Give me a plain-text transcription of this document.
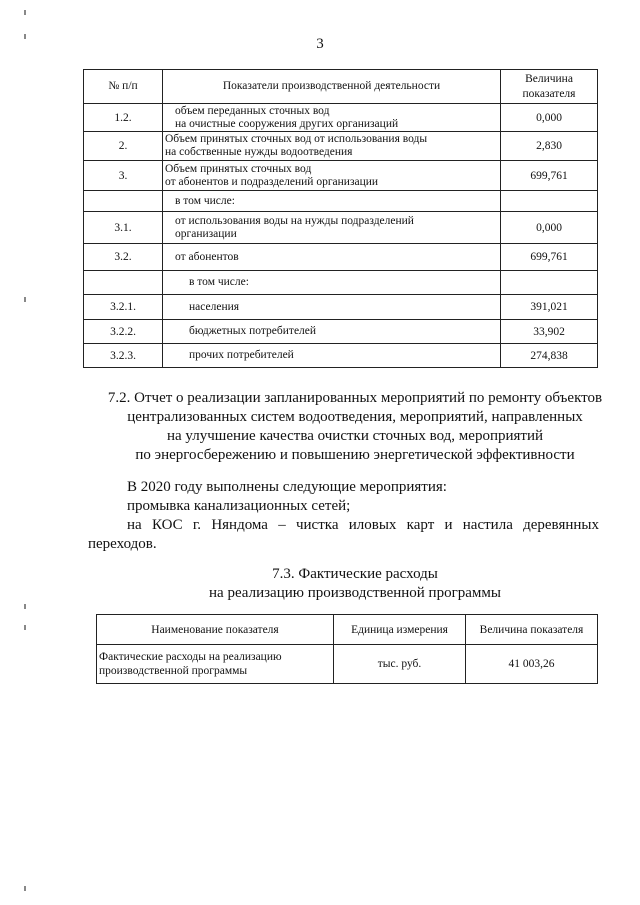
3
№ п/п	Показатели производственной деятельности	Величина
показателя
1.2.	объем переданных сточных вод
на очистные сооружения других организаций	0,000
2.	Объем принятых сточных вод от использования воды
на собственные нужды водоотведения	2,830
3.	Объем принятых сточных вод
от абонентов и подразделений организации	699,761
	в том числе:	
3.1.	от использования воды на нужды подразделений
организации	0,000
3.2.	от абонентов	699,761
	в том числе:	
3.2.1.	населения	391,021
3.2.2.	бюджетных потребителей	33,902
3.2.3.	прочих потребителей	274,838
7.2. Отчет о реализации запланированных мероприятий по ремонту объектов
централизованных систем водоотведения, мероприятий, направленных
на улучшение качества очистки сточных вод, мероприятий
по энергосбережению и повышению энергетической эффективности
В 2020 году выполнены следующие мероприятия:
промывка канализационных сетей;
на КОС г. Няндома – чистка иловых карт и настила деревянных
переходов.
7.3. Фактические расходы
на реализацию производственной программы
Наименование показателя	Единица измерения	Величина показателя
Фактические расходы на реализацию
производственной программы	тыс. руб.	41 003,26
